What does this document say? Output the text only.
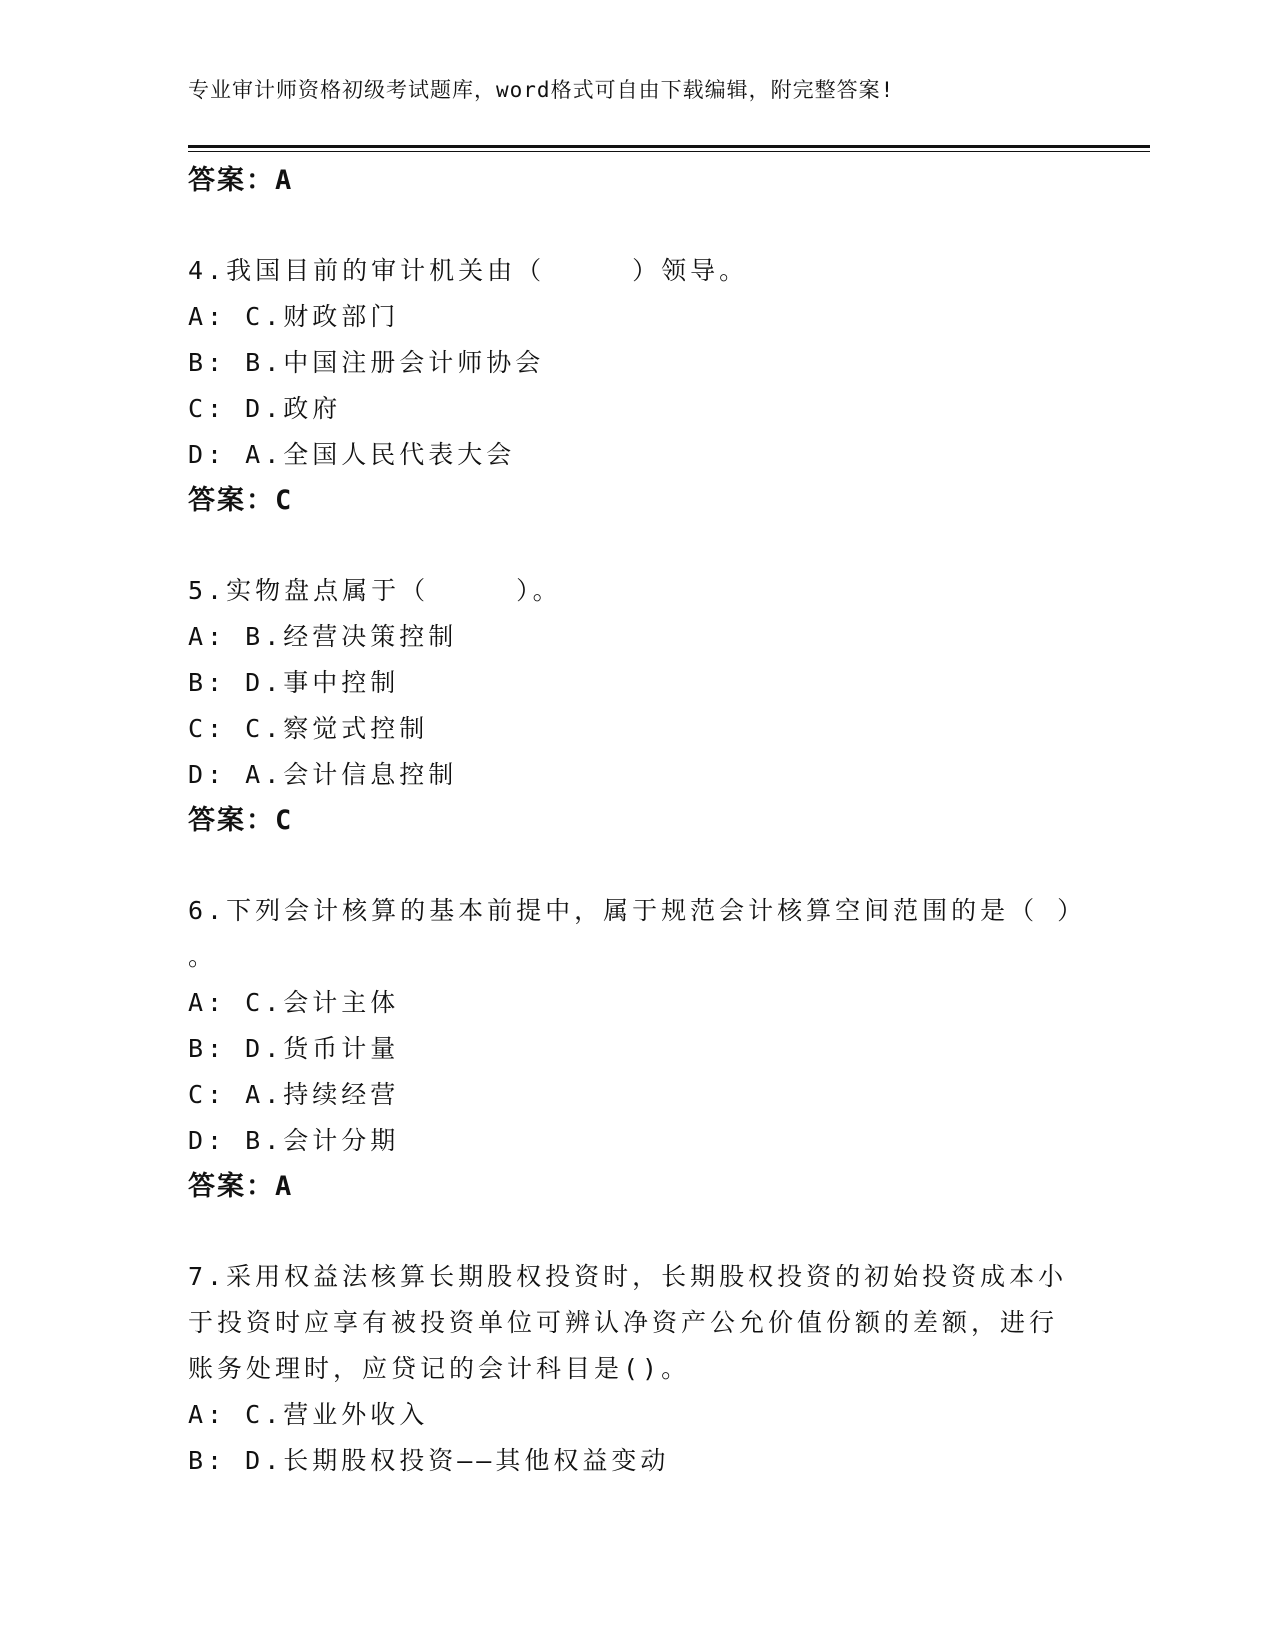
专业审计师资格初级考试题库，word格式可自由下载编辑，附完整答案!
答案：A
4.我国目前的审计机关由（　　　）领导。
A: C.财政部门
B: B.中国注册会计师协会
C: D.政府
D: A.全国人民代表大会
答案：C
5.实物盘点属于（　　　）。
A: B.经营决策控制
B: D.事中控制
C: C.察觉式控制
D: A.会计信息控制
答案：C
6.下列会计核算的基本前提中，属于规范会计核算空间范围的是（ ）
。
A: C.会计主体
B: D.货币计量
C: A.持续经营
D: B.会计分期
答案：A
7.采用权益法核算长期股权投资时，长期股权投资的初始投资成本小于投资时应享有被投资单位可辨认净资产公允价值份额的差额，进行账务处理时，应贷记的会计科目是()。
A: C.营业外收入
B: D.长期股权投资——其他权益变动
